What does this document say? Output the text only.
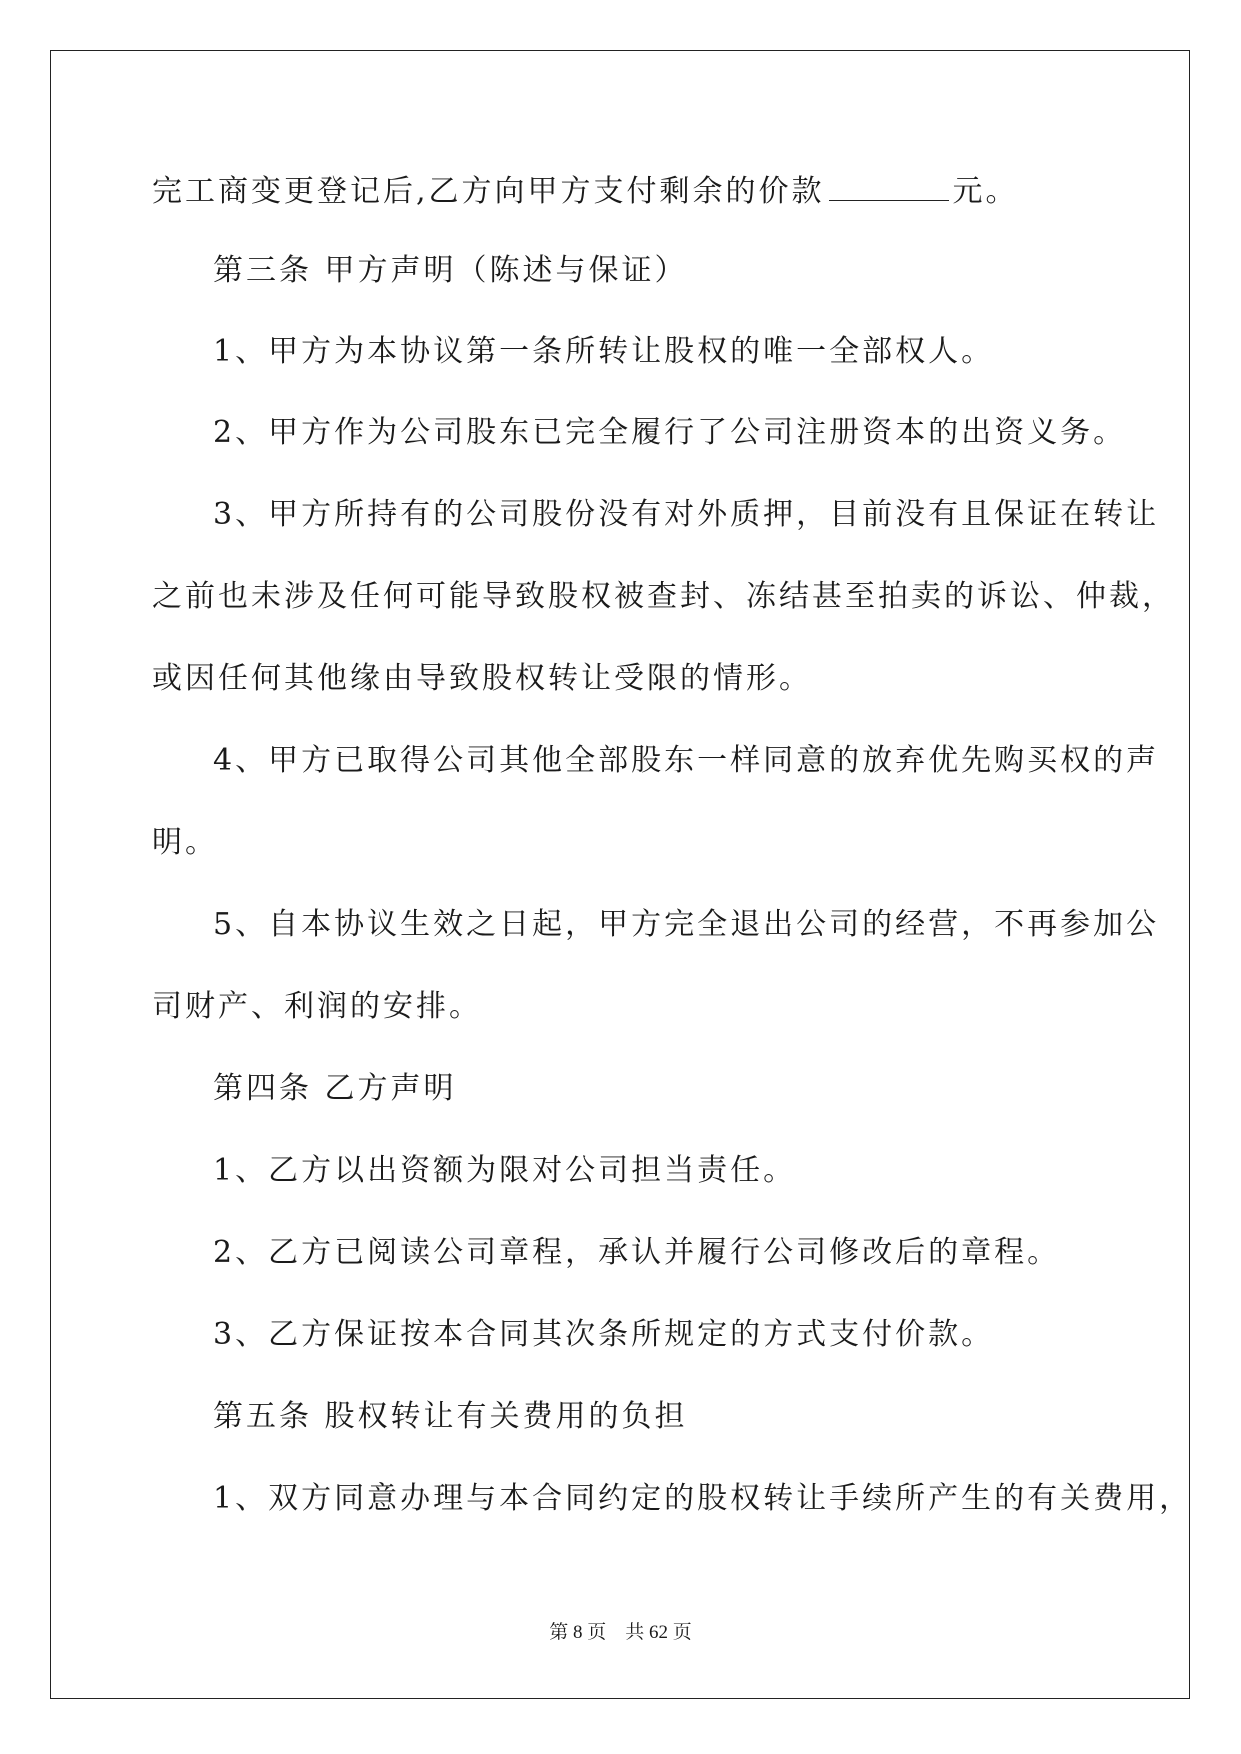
完工商变更登记后,乙方向甲方支付剩余的价款	元。
第三条 甲方声明（陈述与保证）
1、甲方为本协议第一条所转让股权的唯一全部权人。
2、甲方作为公司股东已完全履行了公司注册资本的出资义务。
3、甲方所持有的公司股份没有对外质押，目前没有且保证在转让
之前也未涉及任何可能导致股权被查封、冻结甚至拍卖的诉讼、仲裁，
或因任何其他缘由导致股权转让受限的情形。
4、甲方已取得公司其他全部股东一样同意的放弃优先购买权的声
明。
5、自本协议生效之日起，甲方完全退出公司的经营，不再参加公
司财产、利润的安排。
第四条 乙方声明
1、乙方以出资额为限对公司担当责任。
2、乙方已阅读公司章程，承认并履行公司修改后的章程。
3、乙方保证按本合同其次条所规定的方式支付价款。
第五条 股权转让有关费用的负担
1、双方同意办理与本合同约定的股权转让手续所产生的有关费用，
第 8 页 共 62 页
